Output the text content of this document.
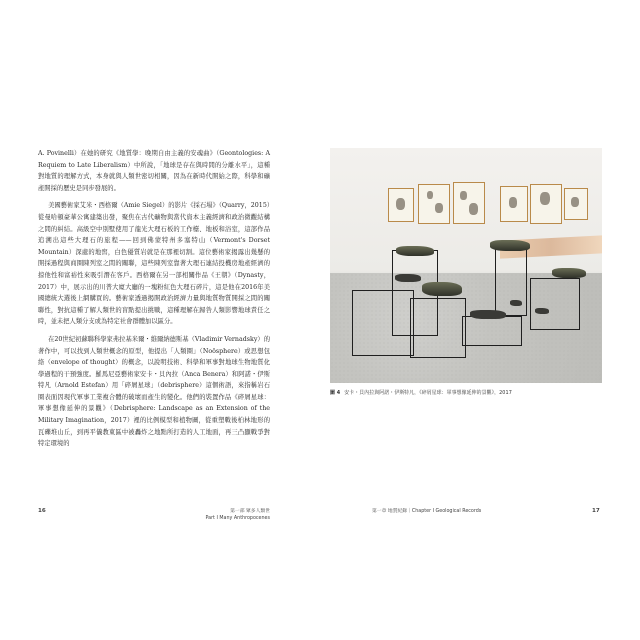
A. Povinelli）在她的研究《地質學：晚期自由主義的安魂曲》（Geontologies: A Requiem to Late Liberalism）中所說，「地球是存在與時間的分離水平」，這種對地質的理解方式，本身就與人類世密切相關，因為在新時代開始之際，科學和礦產開採的歷史是同步發展的。

美國藝術家艾米・西格爾（Amie Siegel）的影片《採石場》（Quarry，2015）從曼哈頓豪華公寓建築出發，聚焦在古代礦物與當代資本主義經濟和政治微觀結構之間的糾結。高級空中別墅使用了龍光大理石板的工作檯、地板和浴室，這部作品追溯出這些大理石的旅程——回到佛蒙特州多塞特山（Vermont's Dorset Mountain）深處的地窖，白色優質岩就是在那裡切割。這位藝術家揭露出幾懸的開採過程與商圈陳列室之間的關聯，這些陳列室靠著大理石連結投機房地產經濟的掠他性和富裕性來吸引潛在客戶。西格爾在另一部相關作品《王朝》（Dynasty，2017）中，展示出的川普大廈大廳的一塊粉紅色大理石碎片，這是他在2016年美國總統大選後上網購買的。藝術家透過揭開政治經濟力量與地質物質開採之間的關聯性，對抗這種了解人類世的盲點提出挑戰，這種理解在歸咎人類影響地球責任之時，並未把人類分支或為特定社會群體加以區分。

在20世紀初蘇聯科學家弗拉基米爾・維爾納德斯基（Vladimir Vernadsky）的著作中，可以找到人類世概念的原型，他提出「人類圈」（Noösphere）或思想包絡（envelope of thought）的概念，以說明技術、科學和軍事對地球生物地質化學過程的干預強度。羅馬尼亞藝術家安卡・貝內拉（Anca Benera）和阿諾・伊斯特凡（Arnold Estefan）用「碎屑星球」（debrisphere）這個術語，來指稱岩石圈表面因現代軍事工業複合體的破壞而產生的變化。他們的裝置作品《碎屑星球：軍事想像延伸的景觀》（Debrisphere: Landscape as an Extension of the Military Imagination，2017）裡的比例模型和植物圖，從重塑戰後柏林地形的瓦礫堆山丘，到再平儀教東區中被轟炸之地點所打造的人工地面，再三凸顯戰爭對特定環境的

圖 4 安卡・貝內拉與阿諾・伊斯特凡，《碎屑星球：軍事想像延伸的景觀》，2017
16	第一部 眾多人類世
Part I Many Anthropocenes
第一章 地質紀錄｜Chapter I Geological Records	17
